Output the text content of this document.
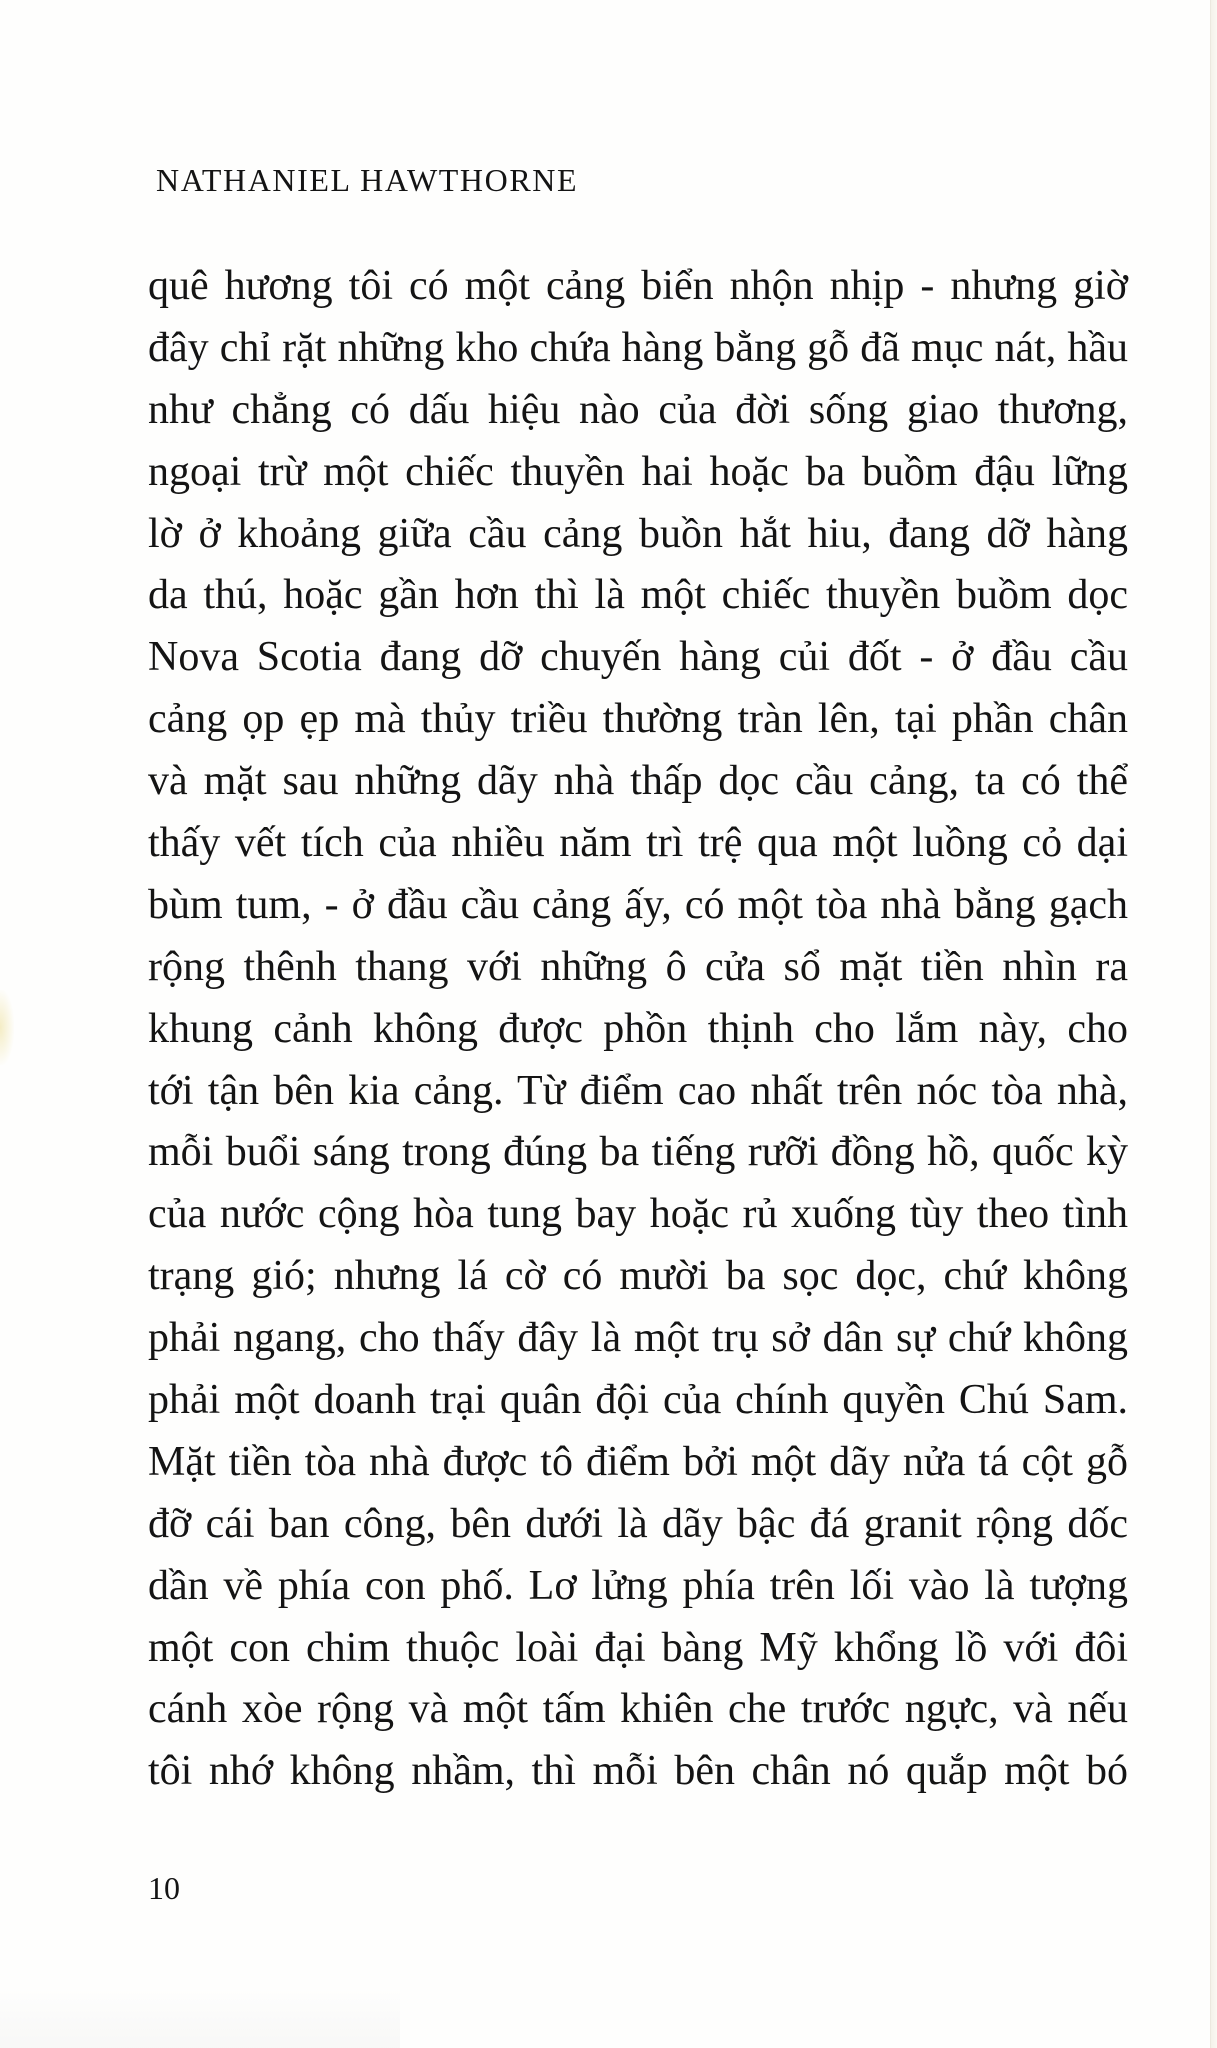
NATHANIEL HAWTHORNE
quê hương tôi có một cảng biển nhộn nhịp - nhưng giờ
đây chỉ rặt những kho chứa hàng bằng gỗ đã mục nát, hầu
như chẳng có dấu hiệu nào của đời sống giao thương,
ngoại trừ một chiếc thuyền hai hoặc ba buồm đậu lững
lờ ở khoảng giữa cầu cảng buồn hắt hiu, đang dỡ hàng
da thú, hoặc gần hơn thì là một chiếc thuyền buồm dọc
Nova Scotia đang dỡ chuyến hàng củi đốt - ở đầu cầu
cảng ọp ẹp mà thủy triều thường tràn lên, tại phần chân
và mặt sau những dãy nhà thấp dọc cầu cảng, ta có thể
thấy vết tích của nhiều năm trì trệ qua một luồng cỏ dại
bùm tum, - ở đầu cầu cảng ấy, có một tòa nhà bằng gạch
rộng thênh thang với những ô cửa sổ mặt tiền nhìn ra
khung cảnh không được phồn thịnh cho lắm này, cho
tới tận bên kia cảng. Từ điểm cao nhất trên nóc tòa nhà,
mỗi buổi sáng trong đúng ba tiếng rưỡi đồng hồ, quốc kỳ
của nước cộng hòa tung bay hoặc rủ xuống tùy theo tình
trạng gió; nhưng lá cờ có mười ba sọc dọc, chứ không
phải ngang, cho thấy đây là một trụ sở dân sự chứ không
phải một doanh trại quân đội của chính quyền Chú Sam.
Mặt tiền tòa nhà được tô điểm bởi một dãy nửa tá cột gỗ
đỡ cái ban công, bên dưới là dãy bậc đá granit rộng dốc
dần về phía con phố. Lơ lửng phía trên lối vào là tượng
một con chim thuộc loài đại bàng Mỹ khổng lồ với đôi
cánh xòe rộng và một tấm khiên che trước ngực, và nếu
tôi nhớ không nhầm, thì mỗi bên chân nó quắp một bó
10
